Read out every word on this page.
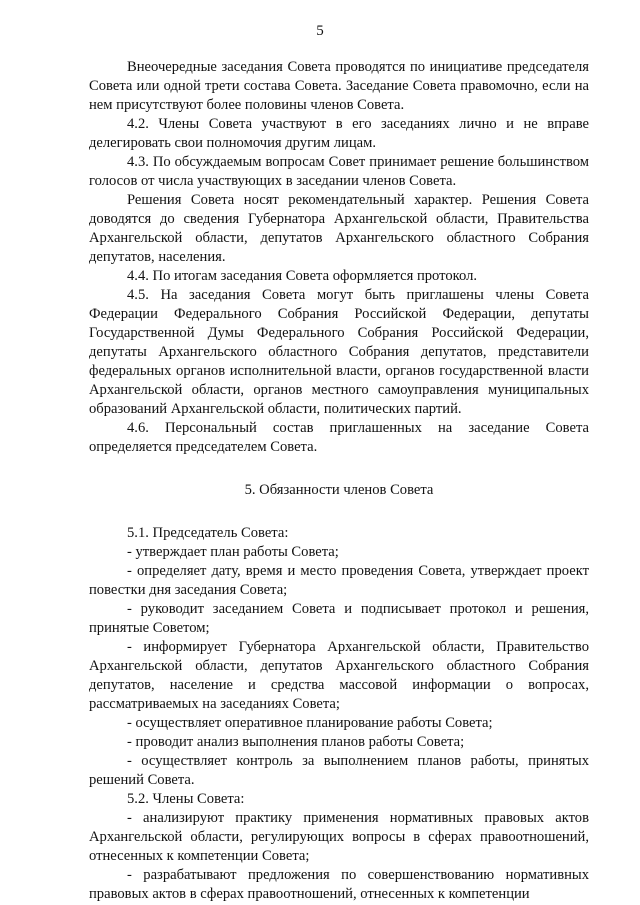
5

Внеочередные заседания Совета проводятся по инициативе председателя Совета или одной трети состава Совета. Заседание Совета правомочно, если на нем присутствуют более половины членов Совета.

4.2. Члены Совета участвуют в его заседаниях лично и не вправе делегировать свои полномочия другим лицам.

4.3. По обсуждаемым вопросам Совет принимает решение большинством голосов от числа участвующих в заседании членов Совета.

Решения Совета носят рекомендательный характер. Решения Совета доводятся до сведения Губернатора Архангельской области, Правительства Архангельской области, депутатов Архангельского областного Собрания депутатов, населения.

4.4. По итогам заседания Совета оформляется протокол.

4.5. На заседания Совета могут быть приглашены члены Совета Федерации Федерального Собрания Российской Федерации, депутаты Государственной Думы Федерального Собрания Российской Федерации, депутаты Архангельского областного Собрания депутатов, представители федеральных органов исполнительной власти, органов государственной власти Архангельской области, органов местного самоуправления муниципальных образований Архангельской области, политических партий.

4.6. Персональный состав приглашенных на заседание Совета определяется председателем Совета.

5. Обязанности членов Совета

5.1. Председатель Совета:

- утверждает план работы Совета;

- определяет дату, время и место проведения Совета, утверждает проект повестки дня заседания Совета;

- руководит заседанием Совета и подписывает протокол и решения, принятые Советом;

- информирует Губернатора Архангельской области, Правительство Архангельской области, депутатов Архангельского областного Собрания депутатов, население и средства массовой информации о вопросах, рассматриваемых на заседаниях Совета;

- осуществляет оперативное планирование работы Совета;

- проводит анализ выполнения планов работы Совета;

- осуществляет контроль за выполнением планов работы, принятых решений Совета.

5.2. Члены Совета:

- анализируют практику применения нормативных правовых актов Архангельской области, регулирующих вопросы в сферах правоотношений, отнесенных к компетенции Совета;

- разрабатывают предложения по совершенствованию нормативных правовых актов в сферах правоотношений, отнесенных к компетенции
